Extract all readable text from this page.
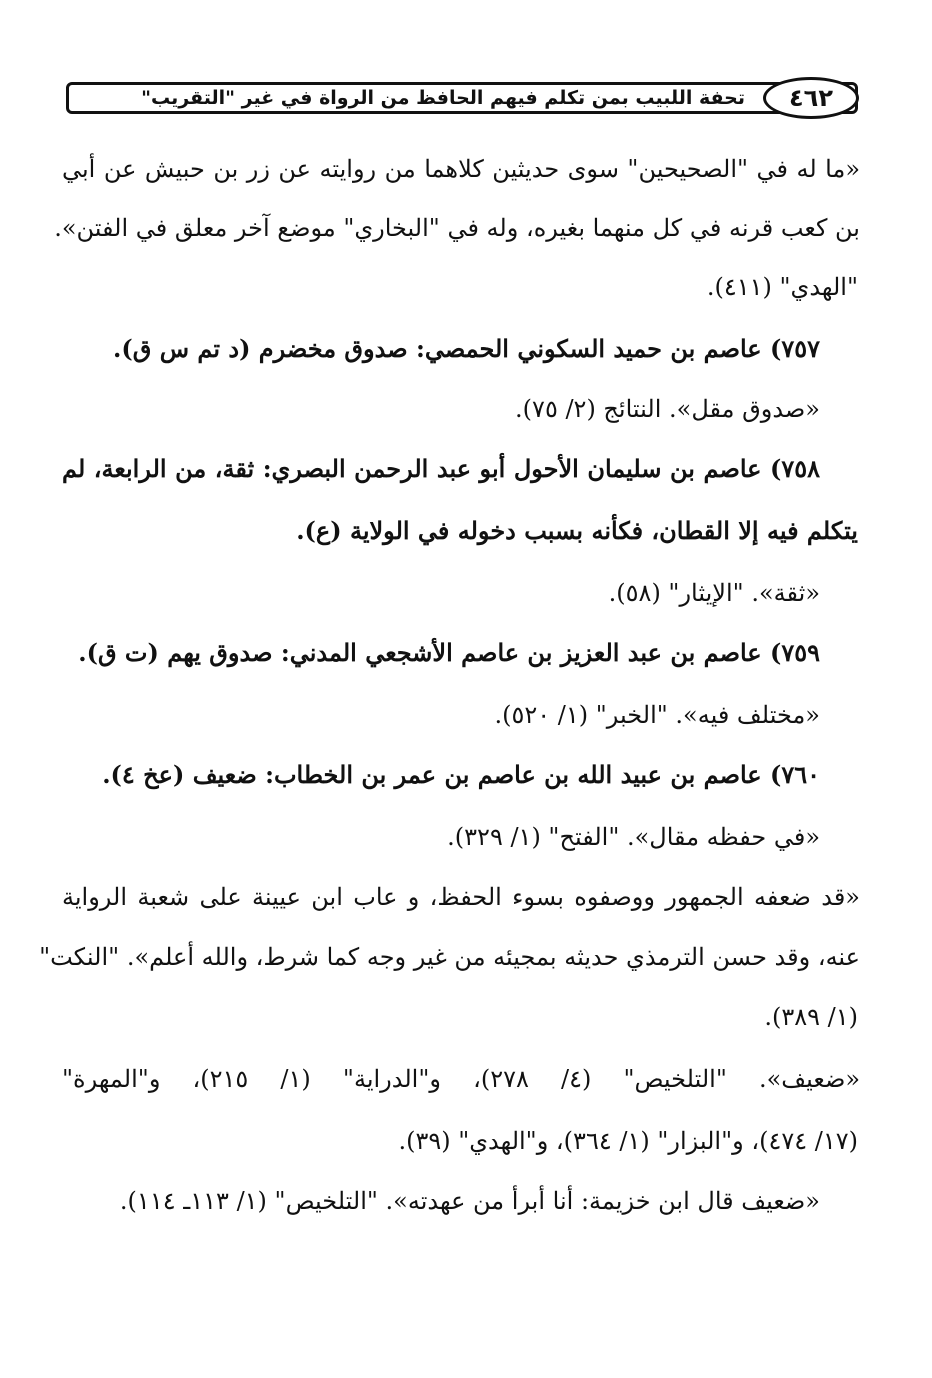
٤٦٢
تحفة اللبيب بمن تكلم فيهم الحافظ من الرواة في غير "التقريب"
«ما له في "الصحيحين" سوى حديثين كلاهما من روايته عن زر بن حبيش عن أبي
بن كعب قرنه في كل منهما بغيره، وله في "البخاري" موضع آخر معلق في الفتن».
"الهدي" (٤١١).
٧٥٧) عاصم بن حميد السكوني الحمصي: صدوق مخضرم (د تم س ق).
«صدوق مقل». النتائج (٢/ ٧٥).
٧٥٨) عاصم بن سليمان الأحول أبو عبد الرحمن البصري: ثقة، من الرابعة، لم
يتكلم فيه إلا القطان، فكأنه بسبب دخوله في الولاية (ع).
«ثقة». "الإيثار" (٥٨).
٧٥٩) عاصم بن عبد العزيز بن عاصم الأشجعي المدني: صدوق يهم (ت ق).
«مختلف فيه». "الخبر" (١/ ٥٢٠).
٧٦٠) عاصم بن عبيد الله بن عاصم بن عمر بن الخطاب: ضعيف (عخ ٤).
«في حفظه مقال». "الفتح" (١/ ٣٢٩).
«قد ضعفه الجمهور ووصفوه بسوء الحفظ، و عاب ابن عيينة على شعبة الرواية
عنه، وقد حسن الترمذي حديثه بمجيئه من غير وجه كما شرط، والله أعلم». "النكت"
(١/ ٣٨٩).
«ضعيف». "التلخيص" (٤/ ٢٧٨)، و"الدراية" (١/ ٢١٥)، و"المهرة"
(١٧/ ٤٧٤)، و"البزار" (١/ ٣٦٤)، و"الهدي" (٣٩).
«ضعيف قال ابن خزيمة: أنا أبرأ من عهدته». "التلخيص" (١/ ١١٣ـ ١١٤).
